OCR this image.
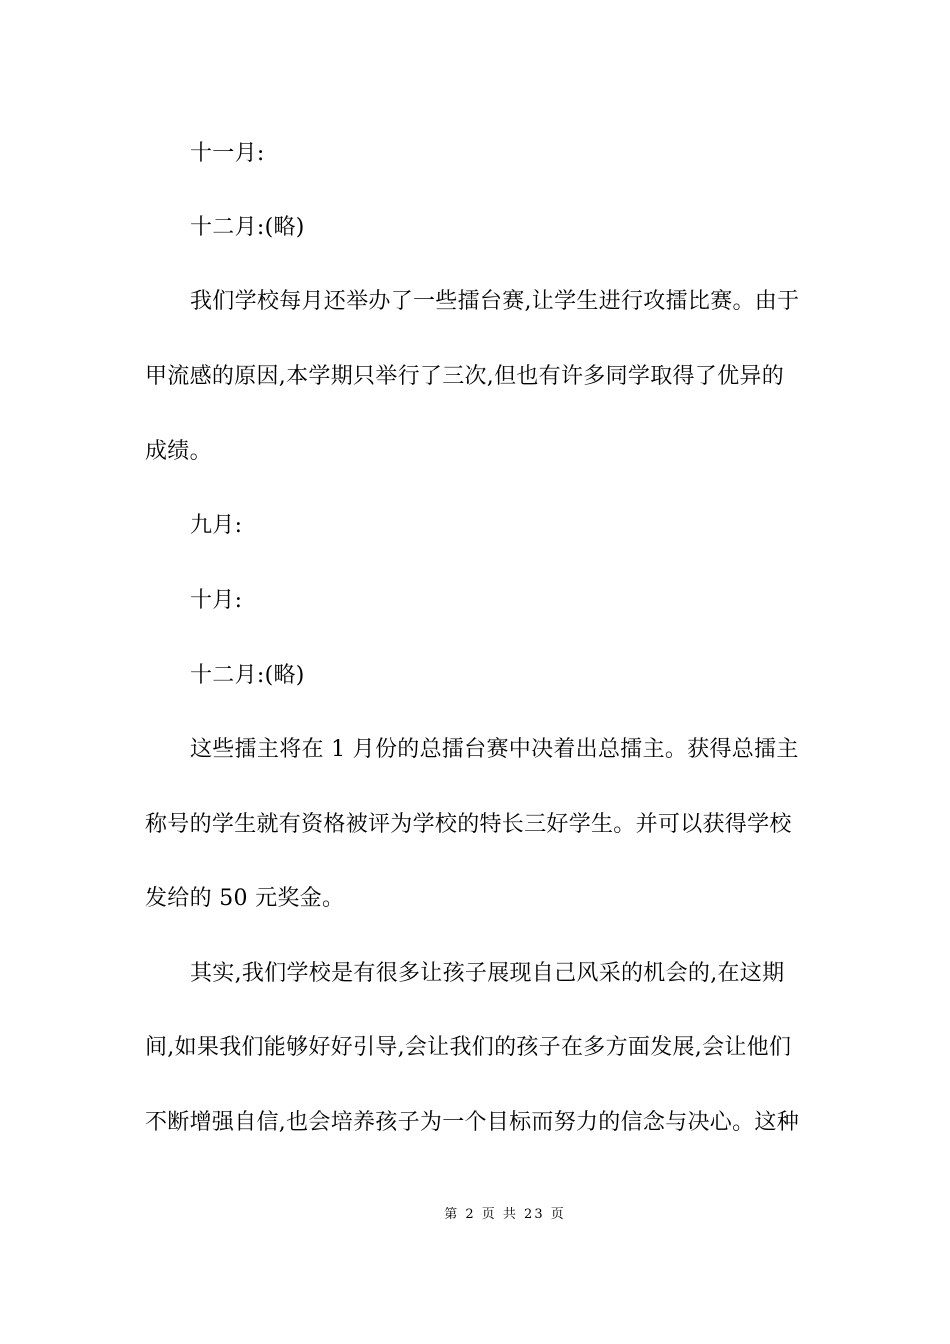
十一月:
十二月:(略)
我们学校每月还举办了一些擂台赛,让学生进行攻擂比赛。由于
甲流感的原因,本学期只举行了三次,但也有许多同学取得了优异的
成绩。
九月:
十月:
十二月:(略)
这些擂主将在 1 月份的总擂台赛中决着出总擂主。获得总擂主
称号的学生就有资格被评为学校的特长三好学生。并可以获得学校
发给的 50 元奖金。
其实,我们学校是有很多让孩子展现自己风采的机会的,在这期
间,如果我们能够好好引导,会让我们的孩子在多方面发展,会让他们
不断增强自信,也会培养孩子为一个目标而努力的信念与决心。这种
第 2 页 共 23 页
